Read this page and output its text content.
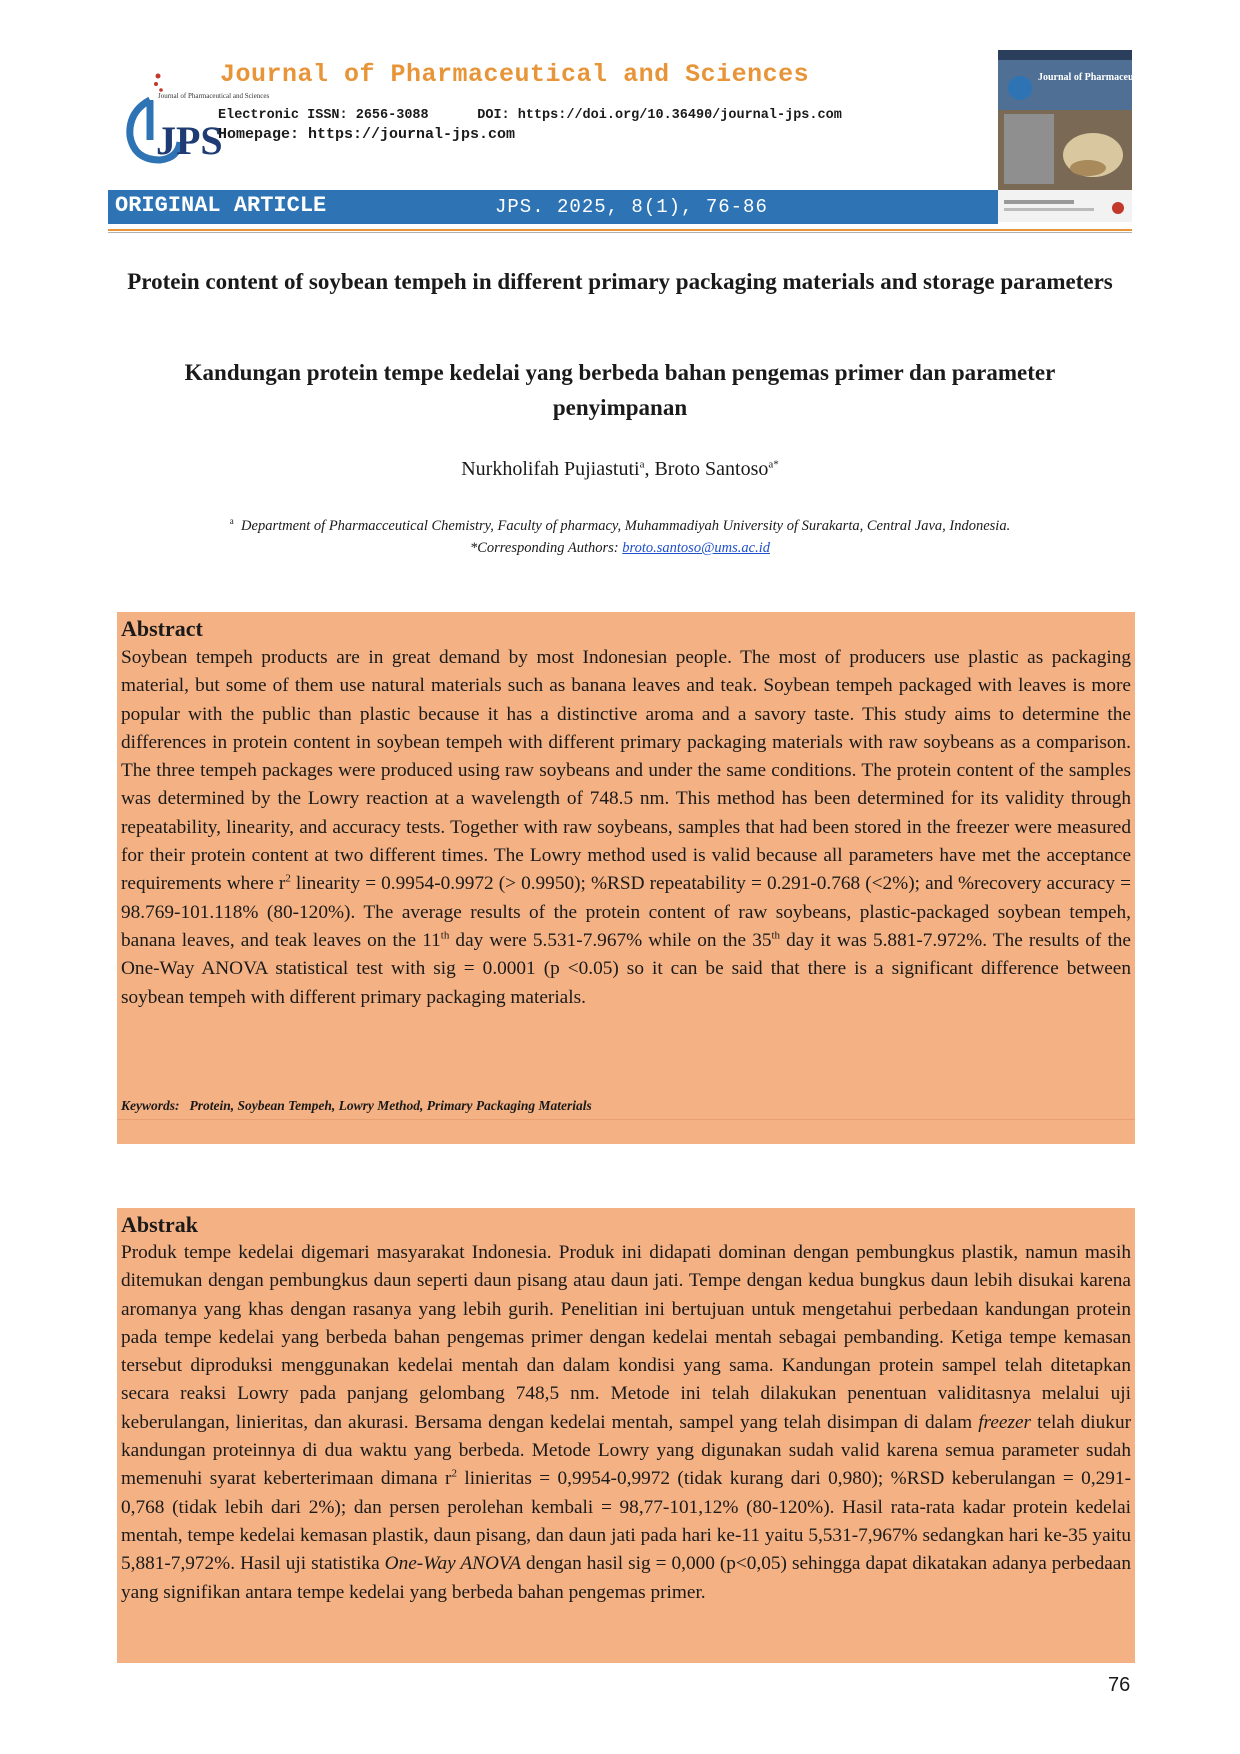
JPS
Journal of Pharmaceutical and Sciences
Journal of Pharmaceutical and Sciences
Electronic ISSN: 2656-3088      DOI: https://doi.org/10.36490/journal-jps.com
Homepage: https://journal-jps.com
Journal of Pharmaceutical and Sciences
ORIGINAL ARTICLE	JPS. 2025, 8(1), 76-86
Protein content of soybean tempeh in different primary packaging materials and storage parameters
Kandungan protein tempe kedelai yang berbeda bahan pengemas primer dan parameter penyimpanan
Nurkholifah Pujiastuti$^a$, Broto Santoso$^{a*}$
$^a$ Department of Pharmacceutical Chemistry, Faculty of pharmacy, Muhammadiyah University of Surakarta, Central Java, Indonesia.
*Corresponding Authors: broto.santoso@ums.ac.id
Abstract
Soybean tempeh products are in great demand by most Indonesian people. The most of producers use plastic as packaging material, but some of them use natural materials such as banana leaves and teak. Soybean tempeh packaged with leaves is more popular with the public than plastic because it has a distinctive aroma and a savory taste. This study aims to determine the differences in protein content in soybean tempeh with different primary packaging materials with raw soybeans as a comparison. The three tempeh packages were produced using raw soybeans and under the same conditions. The protein content of the samples was determined by the Lowry reaction at a wavelength of 748.5 nm. This method has been determined for its validity through repeatability, linearity, and accuracy tests. Together with raw soybeans, samples that had been stored in the freezer were measured for their protein content at two different times. The Lowry method used is valid because all parameters have met the acceptance requirements where $r^2$ linearity = 0.9954-0.9972 (> 0.9950); %RSD repeatability = 0.291-0.768 (<2%); and %recovery accuracy = 98.769-101.118% (80-120%). The average results of the protein content of raw soybeans, plastic-packaged soybean tempeh, banana leaves, and teak leaves on the 11th day were 5.531-7.967% while on the 35th day it was 5.881-7.972%. The results of the One-Way ANOVA statistical test with sig = 0.0001 (p <0.05) so it can be said that there is a significant difference between soybean tempeh with different primary packaging materials.
Keywords: Protein, Soybean Tempeh, Lowry Method, Primary Packaging Materials
Abstrak
Produk tempe kedelai digemari masyarakat Indonesia. Produk ini didapati dominan dengan pembungkus plastik, namun masih ditemukan dengan pembungkus daun seperti daun pisang atau daun jati. Tempe dengan kedua bungkus daun lebih disukai karena aromanya yang khas dengan rasanya yang lebih gurih. Penelitian ini bertujuan untuk mengetahui perbedaan kandungan protein pada tempe kedelai yang berbeda bahan pengemas primer dengan kedelai mentah sebagai pembanding. Ketiga tempe kemasan tersebut diproduksi menggunakan kedelai mentah dan dalam kondisi yang sama. Kandungan protein sampel telah ditetapkan secara reaksi Lowry pada panjang gelombang 748,5 nm. Metode ini telah dilakukan penentuan validitasnya melalui uji keberulangan, linieritas, dan akurasi. Bersama dengan kedelai mentah, sampel yang telah disimpan di dalam freezer telah diukur kandungan proteinnya di dua waktu yang berbeda. Metode Lowry yang digunakan sudah valid karena semua parameter sudah memenuhi syarat keberterimaan dimana $r^2$ linieritas = 0,9954-0,9972 (tidak kurang dari 0,980); %RSD keberulangan = 0,291-0,768 (tidak lebih dari 2%); dan persen perolehan kembali = 98,77-101,12% (80-120%). Hasil rata-rata kadar protein kedelai mentah, tempe kedelai kemasan plastik, daun pisang, dan daun jati pada hari ke-11 yaitu 5,531-7,967% sedangkan hari ke-35 yaitu 5,881-7,972%. Hasil uji statistika One-Way ANOVA dengan hasil sig = 0,000 (p<0,05) sehingga dapat dikatakan adanya perbedaan yang signifikan antara tempe kedelai yang berbeda bahan pengemas primer.
76
